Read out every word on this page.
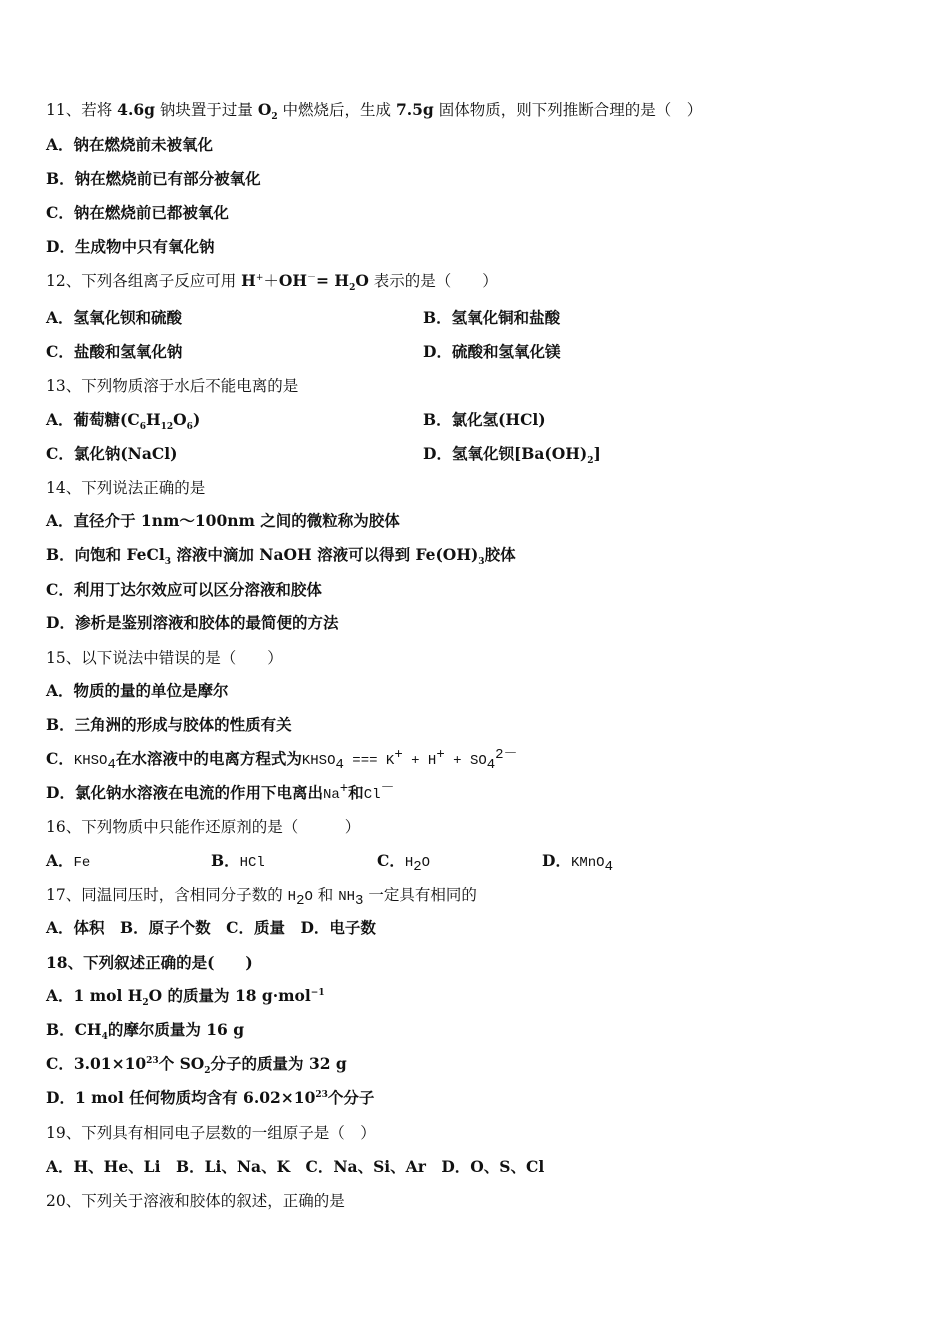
11、若将 4.6g 钠块置于过量 $O_2$ 中燃烧后，生成 7.5g 固体物质，则下列推断合理的是（　）
A．钠在燃烧前未被氧化
B．钠在燃烧前已有部分被氧化
C．钠在燃烧前已都被氧化
D．生成物中只有氧化钠
12、下列各组离子反应可用 $H^++OH^-= H_2O$ 表示的是（　　）
A．氢氧化钡和硫酸	B．氢氧化铜和盐酸
C．盐酸和氢氧化钠	D．硫酸和氢氧化镁
13、下列物质溶于水后不能电离的是
A．葡萄糖$(C_6H_{12}O_6)$	B．氯化氢(HCl)
C．氯化钠(NaCl)	D．氢氧化钡$[Ba(OH)_2]$
14、下列说法正确的是
A．直径介于 1nm～100nm 之间的微粒称为胶体
B．向饱和 FeCl$_3$ 溶液中滴加 NaOH 溶液可以得到 $Fe(OH)_3$胶体
C．利用丁达尔效应可以区分溶液和胶体
D．渗析是鉴别溶液和胶体的最简便的方法
15、以下说法中错误的是（　　）
A．物质的量的单位是摩尔
B．三角洲的形成与胶体的性质有关
C．$KHSO_4$在水溶液中的电离方程式为$KHSO_4$ === $K^+ + H^+ + SO_4^{2-}$
D．氯化钠水溶液在电流的作用下电离出Na+和Cl－
16、下列物质中只能作还原剂的是（　　　）
A．Fe	B．HCl	C．$H_2O$	D．KMnO$_4$
17、同温同压时，含相同分子数的 $H_2O$ 和 $NH_3$ 一定具有相同的
A．体积　B．原子个数　C．质量　D．电子数
18、下列叙述正确的是(　　)
A．1 mol $H_2O$ 的质量为 18 g·mol$^{-1}$
B．$CH_4$的摩尔质量为 16 g
C．$3.01\times 10^{23}$个 $SO_2$分子的质量为 32 g
D．1 mol 任何物质均含有 $6.02\times 10^{23}$个分子
19、下列具有相同电子层数的一组原子是（　）
A．H、He、Li　B．Li、Na、K　C．Na、Si、Ar　D．O、S、Cl
20、下列关于溶液和胶体的叙述，正确的是
